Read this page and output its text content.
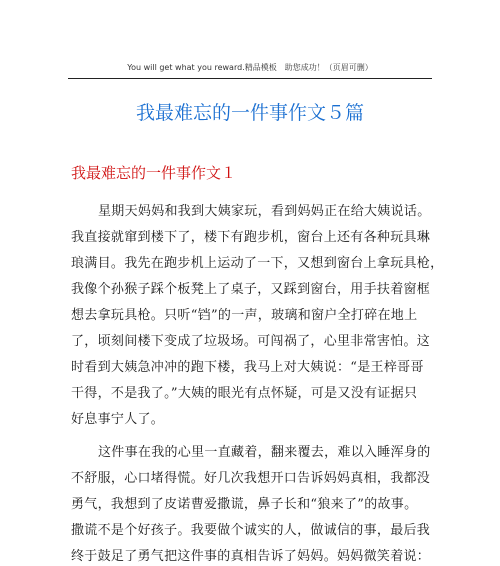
You will get what you reward.精品模板　助您成功！（页眉可删）
我最难忘的一件事作文５篇
我最难忘的一件事作文１
星期天妈妈和我到大姨家玩，看到妈妈正在给大姨说话。
我直接就窜到楼下了，楼下有跑步机，窗台上还有各种玩具琳
琅满目。我先在跑步机上运动了一下，又想到窗台上拿玩具枪，
我像个孙猴子踩个板凳上了桌子，又踩到窗台，用手扶着窗框
想去拿玩具枪。只听“铛”的一声，玻璃和窗户全打碎在地上
了，顷刻间楼下变成了垃圾场。可闯祸了，心里非常害怕。这
时看到大姨急冲冲的跑下楼，我马上对大姨说：“是王梓哥哥
干得，不是我了。”大姨的眼光有点怀疑，可是又没有证据只
好息事宁人了。
这件事在我的心里一直藏着，翻来覆去，难以入睡浑身的
不舒服，心口堵得慌。好几次我想开口告诉妈妈真相，我都没
勇气，我想到了皮诺曹爱撒谎，鼻子长和“狼来了”的故事。
撒谎不是个好孩子。我要做个诚实的人，做诚信的事，最后我
终于鼓足了勇气把这件事的真相告诉了妈妈。妈妈微笑着说：
